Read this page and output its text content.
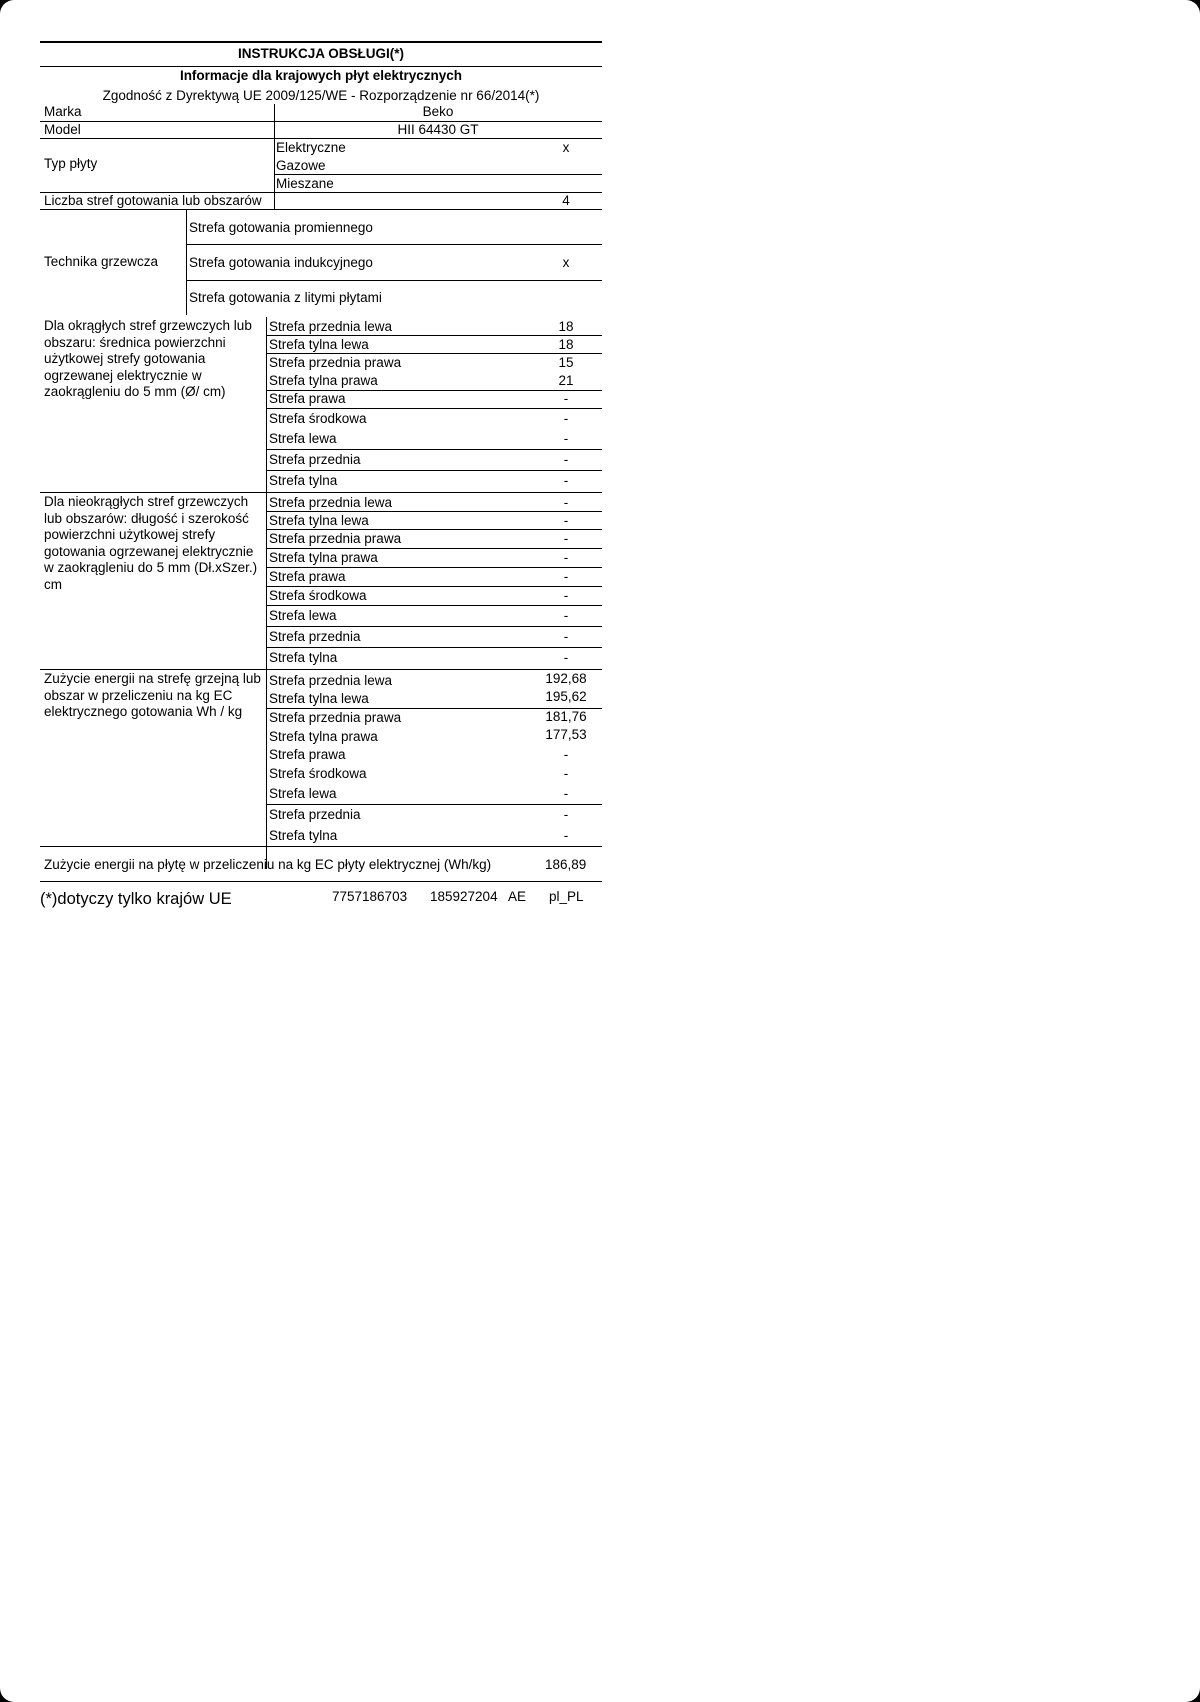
INSTRUKCJA OBSŁUGI(*)
Informacje dla krajowych płyt elektrycznych
Zgodność z Dyrektywą UE 2009/125/WE - Rozporządzenie nr 66/2014(*)
Marka	Beko
Model	HII 64430 GT
Typ płyty
Elektryczne	x
Gazowe
Mieszane
Liczba stref gotowania lub obszarów	4
Technika grzewcza
Strefa gotowania promiennego
Strefa gotowania indukcyjnego	x
Strefa gotowania z litymi płytami
Dla okrągłych stref grzewczych lub obszaru: średnica powierzchni użytkowej strefy gotowania ogrzewanej elektrycznie w zaokrągleniu do 5 mm (Ø/ cm)
Strefa przednia lewa	18
Strefa tylna lewa	18
Strefa przednia prawa	15
Strefa tylna prawa	21
Strefa prawa	-
Strefa środkowa	-
Strefa lewa	-
Strefa przednia	-
Strefa tylna	-
Dla nieokrągłych stref grzewczych lub obszarów: długość i szerokość powierzchni użytkowej strefy gotowania ogrzewanej elektrycznie w zaokrągleniu do 5 mm (Dł.xSzer.) cm
Strefa przednia lewa	-
Strefa tylna lewa	-
Strefa przednia prawa	-
Strefa tylna prawa	-
Strefa prawa	-
Strefa środkowa	-
Strefa lewa	-
Strefa przednia	-
Strefa tylna	-
Zużycie energii na strefę grzejną lub obszar w przeliczeniu na kg EC elektrycznego gotowania Wh / kg
Strefa przednia lewa	192,68
Strefa tylna lewa	195,62
Strefa przednia prawa	181,76
Strefa tylna prawa	177,53
Strefa prawa	-
Strefa środkowa	-
Strefa lewa	-
Strefa przednia	-
Strefa tylna	-
Zużycie energii na płytę w przeliczeniu na kg EC płyty elektrycznej (Wh/kg)	186,89
(*)dotyczy tylko krajów UE	7757186703 185927204 AE pl_PL
